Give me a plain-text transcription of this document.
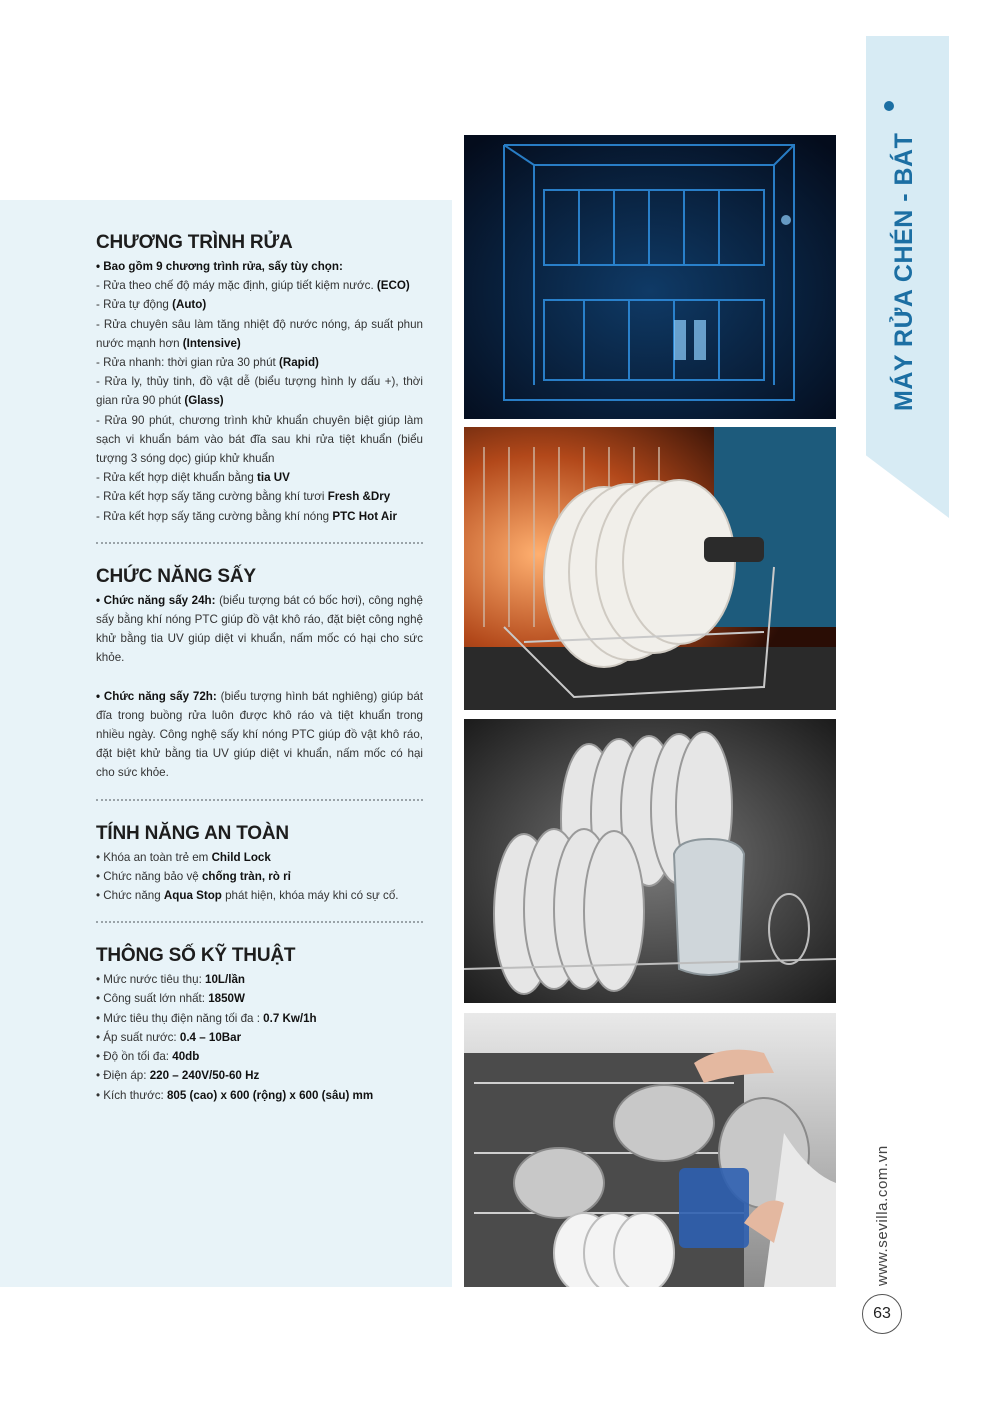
CHƯƠNG TRÌNH RỬA

• Bao gồm 9 chương trình rửa, sấy tùy chọn:

- Rửa theo chế độ máy mặc định, giúp tiết kiệm nước. (ECO)

- Rửa tự động (Auto)

- Rửa chuyên sâu làm tăng nhiệt độ nước nóng, áp suất phun nước mạnh hơn (Intensive)

- Rửa nhanh: thời gian rửa 30 phút (Rapid)

- Rửa ly, thủy tinh, đồ vật dễ (biểu tượng hình ly dấu +), thời gian rửa 90 phút (Glass)

- Rửa 90 phút, chương trình khử khuẩn chuyên biệt giúp làm sạch vi khuẩn bám vào bát đĩa sau khi rửa tiệt khuẩn (biểu tượng 3 sóng dọc) giúp khử khuẩn

- Rửa kết hợp diệt khuẩn bằng tia UV

- Rửa kết hợp sấy tăng cường bằng khí tươi Fresh &Dry

- Rửa kết hợp sấy tăng cường bằng khí nóng PTC Hot Air

CHỨC NĂNG SẤY

• Chức năng sấy 24h: (biểu tượng bát có bốc hơi), công nghệ sấy bằng khí nóng PTC giúp đồ vật khô ráo, đặt biệt công nghệ khử bằng tia UV giúp diệt vi khuẩn, nấm mốc có hại cho sức khỏe.

• Chức năng sấy 72h: (biểu tượng hình bát nghiêng) giúp bát đĩa trong buồng rửa luôn được khô ráo và tiệt khuẩn trong nhiều ngày. Công nghệ sấy khí nóng PTC giúp đồ vật khô ráo, đặt biệt khử bằng tia UV giúp diệt vi khuẩn, nấm mốc có hại cho sức khỏe.

TÍNH NĂNG AN TOÀN

• Khóa an toàn trẻ em Child Lock

• Chức năng bảo vệ chống tràn, rò rỉ

• Chức năng Aqua Stop phát hiện, khóa máy khi có sự cố.

THÔNG SỐ KỸ THUẬT

• Mức nước tiêu thụ: 10L/lần

• Công suất lớn nhất: 1850W

• Mức tiêu thụ điện năng tối đa : 0.7 Kw/1h

• Áp suất nước: 0.4 – 10Bar

• Độ ồn tối đa: 40db

• Điện áp: 220 – 240V/50-60 Hz

• Kích thước: 805 (cao) x 600 (rộng) x 600 (sâu) mm

MÁY RỬA CHÉN - BÁT
www.sevilla.com.vn
63
